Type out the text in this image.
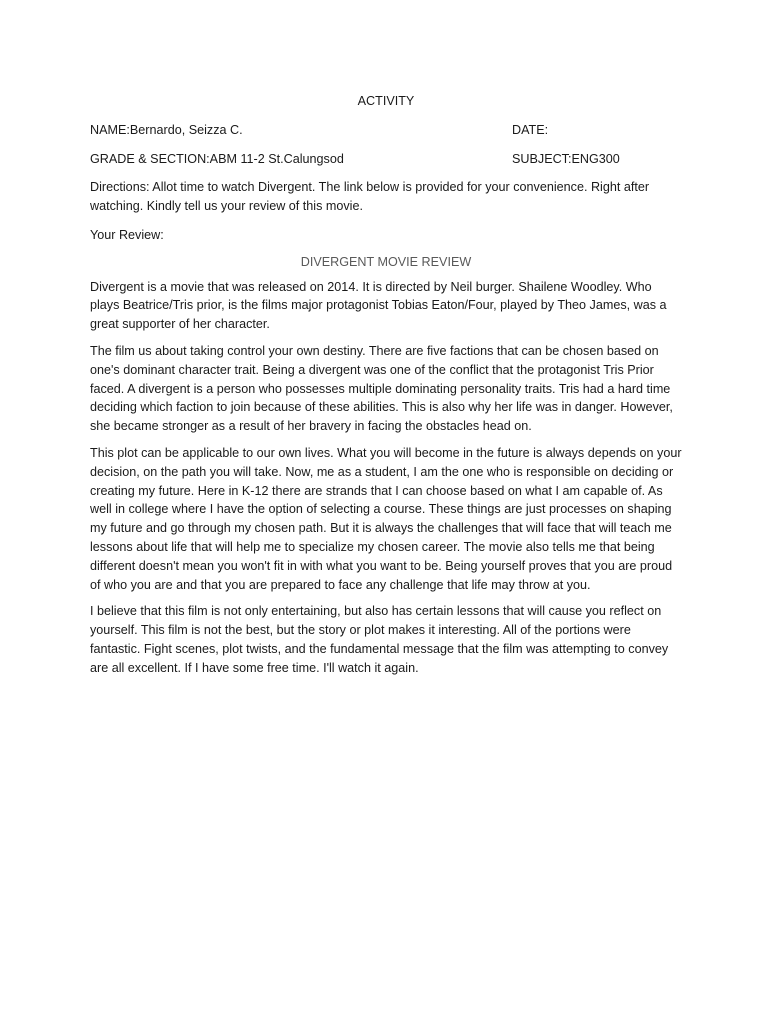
ACTIVITY
NAME:Bernardo, Seizza C.	DATE:
GRADE & SECTION:ABM 11-2 St.Calungsod	SUBJECT:ENG300
Directions: Allot time to watch Divergent. The link below is provided for your convenience. Right after watching. Kindly tell us your review of this movie.
Your Review:
DIVERGENT MOVIE REVIEW
Divergent is a movie that was released on 2014. It is directed by Neil burger. Shailene Woodley. Who plays Beatrice/Tris prior, is the films major protagonist Tobias Eaton/Four, played by Theo James, was a great supporter of her character.
The film us about taking control your own destiny. There are five factions that can be chosen based on one's dominant character trait. Being a divergent was one of the conflict that the protagonist Tris Prior faced. A divergent is a person who possesses multiple dominating personality traits. Tris had a hard time deciding which faction to join because of these abilities. This is also why her life was in danger. However, she became stronger as a result of her bravery in facing the obstacles head on.
This plot can be applicable to our own lives. What you will become in the future is always depends on your decision, on the path you will take. Now, me as a student, I am the one who is responsible on deciding or creating my future. Here in K-12 there are strands that I can choose based on what I am capable of. As well in college where I have the option of selecting a course. These things are just processes on shaping my future and go through my chosen path. But it is always the challenges that will face that will teach me lessons about life that will help me to specialize my chosen career. The movie also tells me that being different doesn't mean you won't fit in with what you want to be. Being yourself proves that you are proud of who you are and that you are prepared to face any challenge that life may throw at you.
I believe that this film is not only entertaining, but also has certain lessons that will cause you reflect on yourself. This film is not the best, but the story or plot makes it interesting. All of the portions were fantastic. Fight scenes, plot twists, and the fundamental message that the film was attempting to convey are all excellent. If I have some free time. I'll watch it again.
